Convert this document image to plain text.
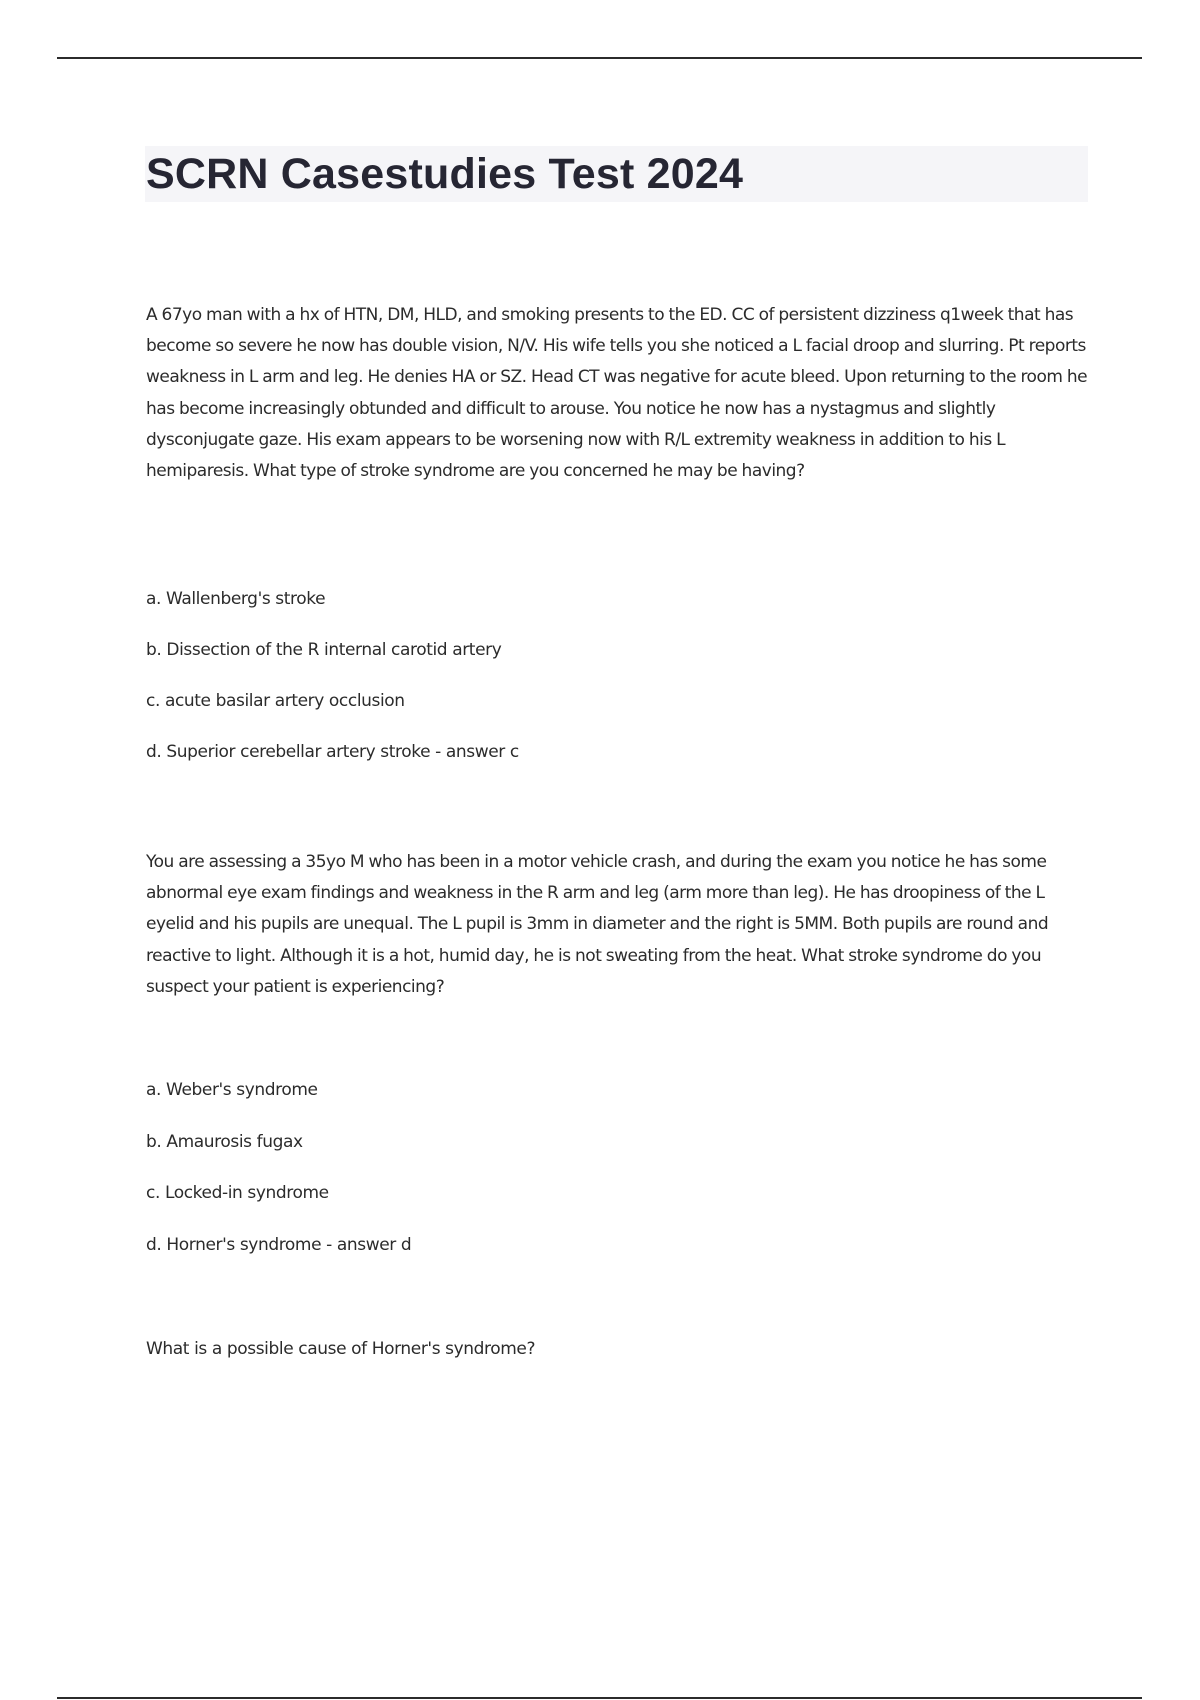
SCRN Casestudies Test 2024

A 67yo man with a hx of HTN, DM, HLD, and smoking presents to the ED. CC of persistent dizziness q1week that has become so severe he now has double vision, N/V. His wife tells you she noticed a L facial droop and slurring. Pt reports weakness in L arm and leg. He denies HA or SZ. Head CT was negative for acute bleed. Upon returning to the room he has become increasingly obtunded and difficult to arouse. You notice he now has a nystagmus and slightly dysconjugate gaze. His exam appears to be worsening now with R/L extremity weakness in addition to his L hemiparesis. What type of stroke syndrome are you concerned he may be having?

a. Wallenberg's stroke

b. Dissection of the R internal carotid artery

c. acute basilar artery occlusion

d. Superior cerebellar artery stroke - answer c

You are assessing a 35yo M who has been in a motor vehicle crash, and during the exam you notice he has some abnormal eye exam findings and weakness in the R arm and leg (arm more than leg). He has droopiness of the L eyelid and his pupils are unequal. The L pupil is 3mm in diameter and the right is 5MM. Both pupils are round and reactive to light. Although it is a hot, humid day, he is not sweating from the heat. What stroke syndrome do you suspect your patient is experiencing?

a. Weber's syndrome

b. Amaurosis fugax

c. Locked-in syndrome

d. Horner's syndrome - answer d

What is a possible cause of Horner's syndrome?
